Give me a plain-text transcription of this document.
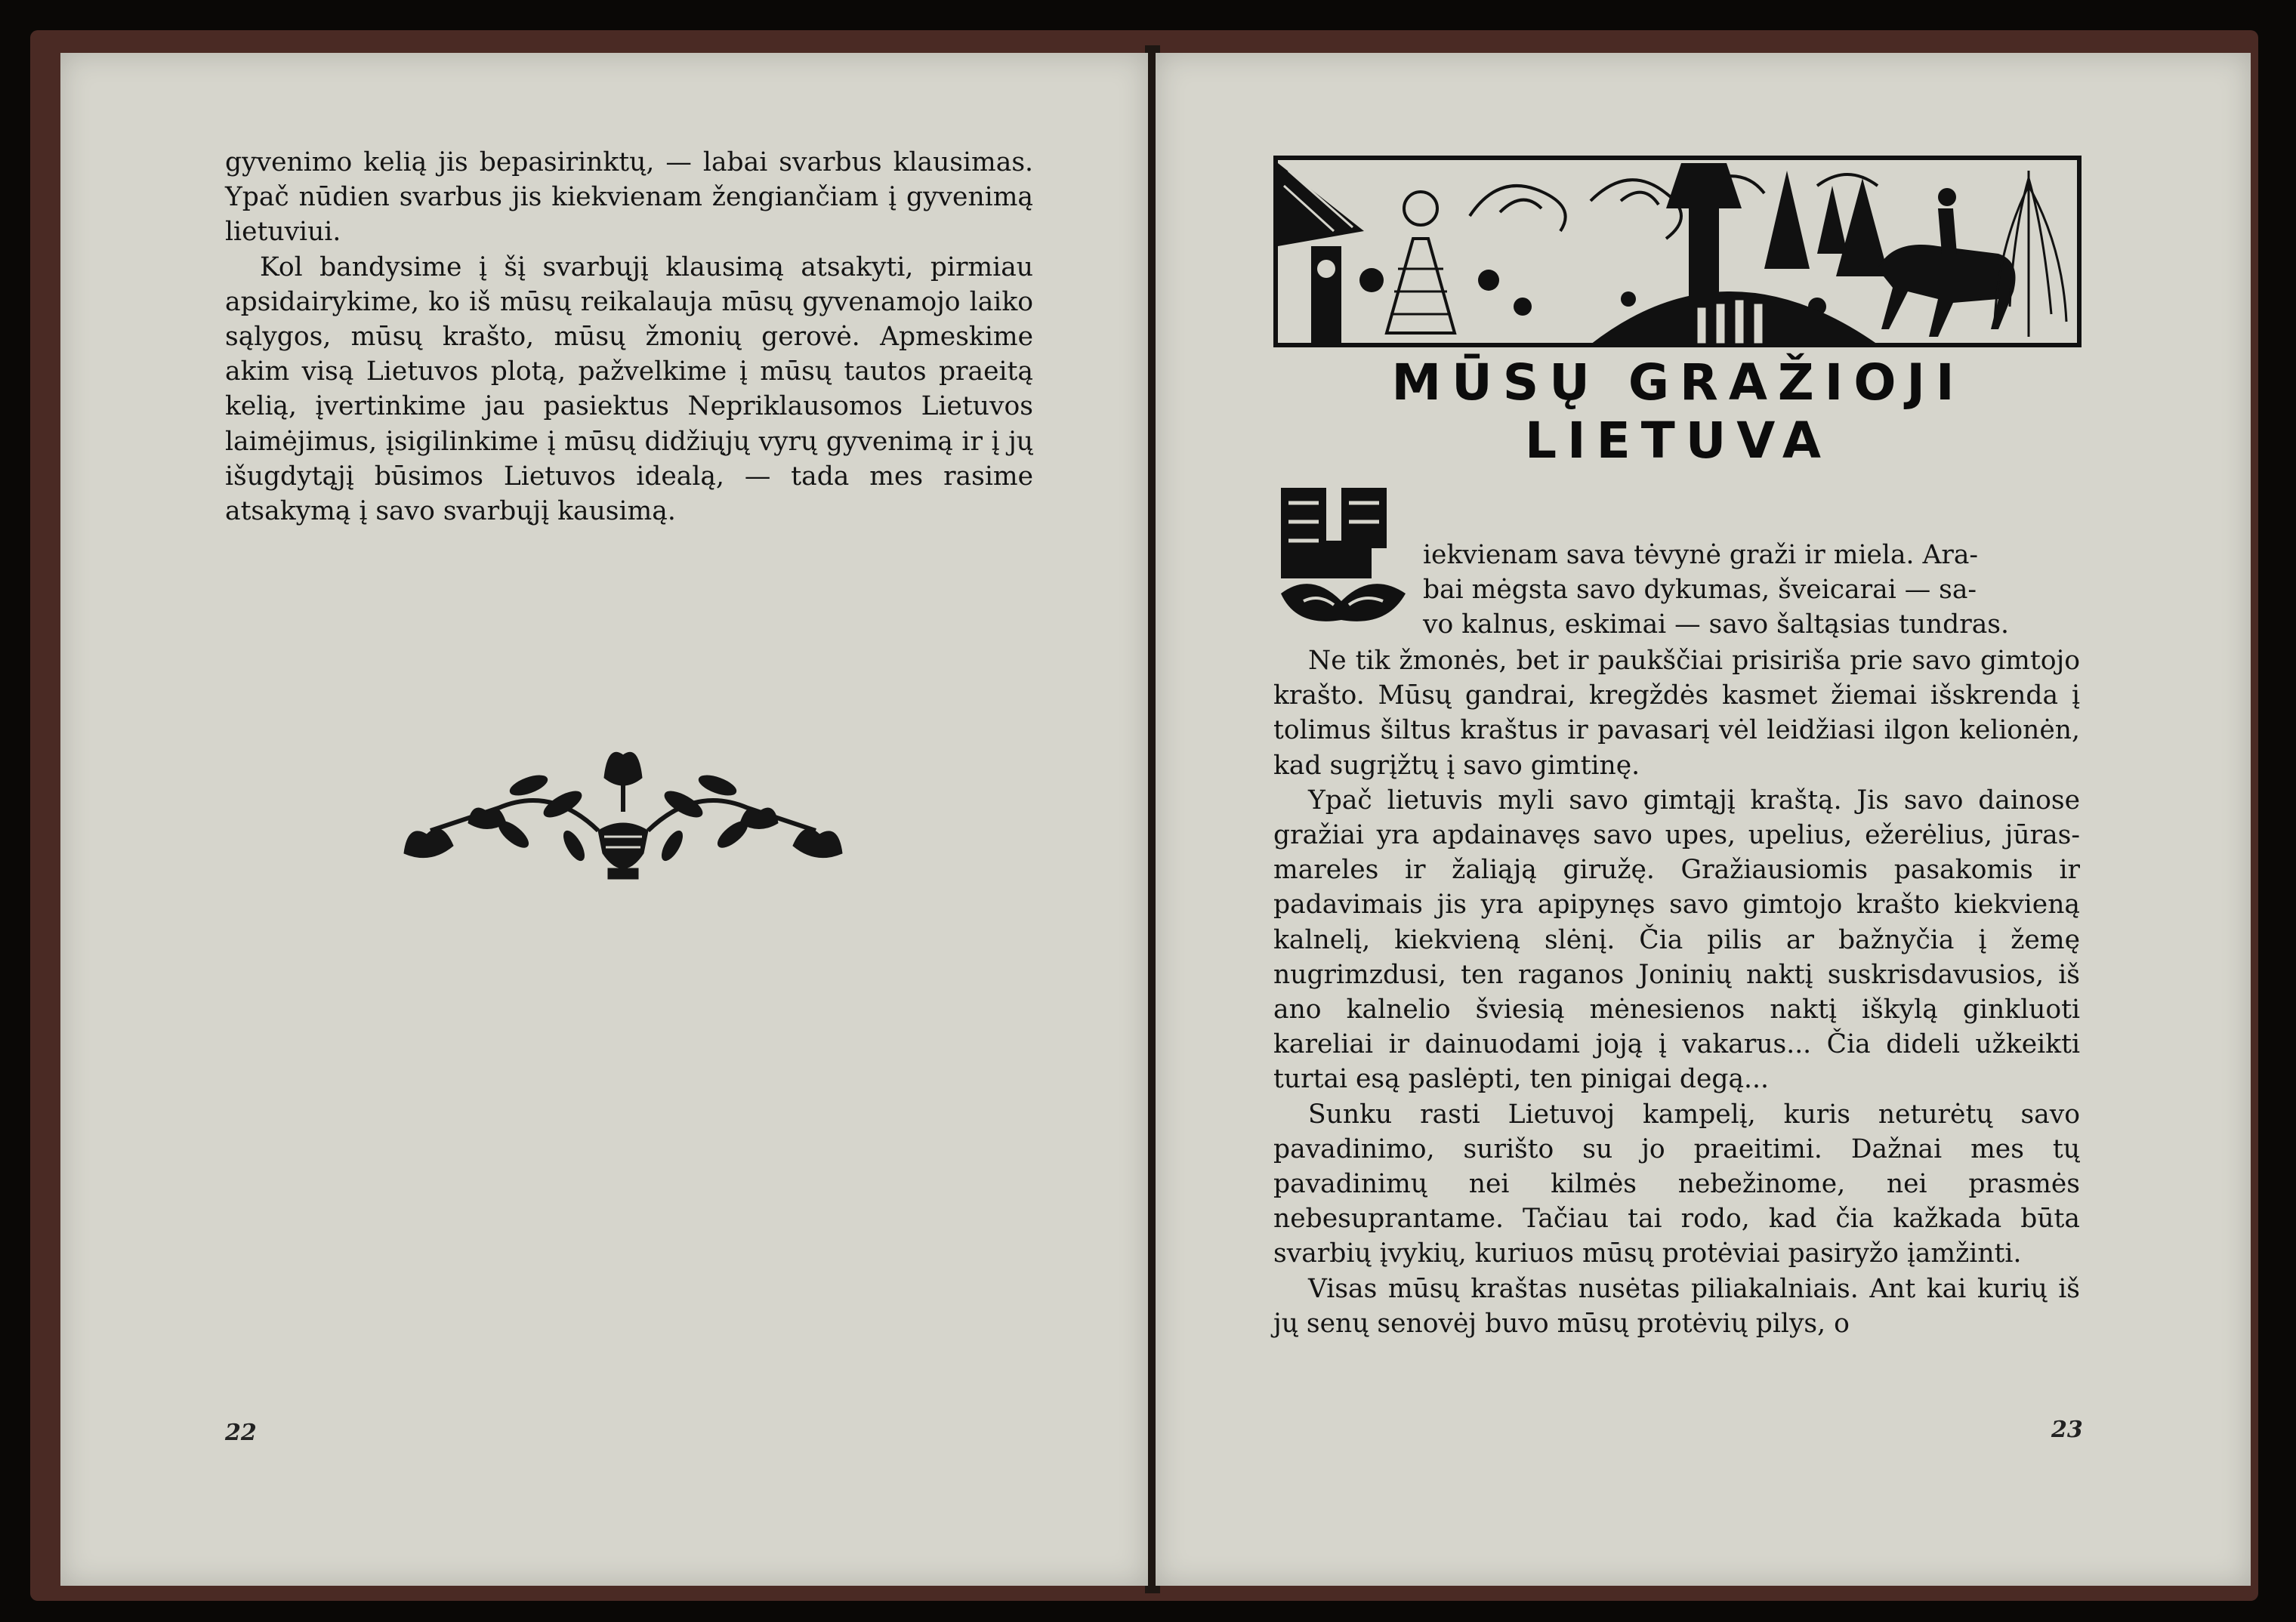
gyvenimo kelią jis bepasirinktų, — labai svarbus klausimas. Ypač nūdien svarbus jis kiekvienam žengiančiam į gyvenimą lietuviui.

Kol bandysime į šį svarbųjį klausimą atsakyti, pirmiau apsidairykime, ko iš mūsų reikalauja mūsų gyvenamojo laiko sąlygos, mūsų krašto, mūsų žmonių gerovė. Apmeskime akim visą Lietuvos plotą, pažvelkime į mūsų tautos praeitą kelią, įvertinkime jau pasiektus Nepriklausomos Lietuvos laimėjimus, įsigilinkime į mūsų didžiųjų vyrų gyvenimą ir į jų išugdytąjį būsimos Lietuvos idealą, — tada mes rasime atsakymą į savo svarbųjį kausimą.

22
MŪSŲ GRAŽIOJI LIETUVA
iekvienam sava tėvynė graži ir miela. Ara-
bai mėgsta savo dykumas, šveicarai — sa-
vo kalnus, eskimai — savo šaltąsias tundras.

Ne tik žmonės, bet ir paukščiai prisiriša prie savo gimtojo krašto. Mūsų gandrai, kregždės kasmet žiemai išskrenda į tolimus šiltus kraštus ir pavasarį vėl leidžiasi ilgon kelionėn, kad sugrįžtų į savo gimtinę.

Ypač lietuvis myli savo gimtąjį kraštą. Jis savo dainose gražiai yra apdainavęs savo upes, upelius, ežerėlius, jūras-mareles ir žaliąją giružę. Gražiausiomis pasakomis ir padavimais jis yra apipynęs savo gimtojo krašto kiekvieną kalnelį, kiekvieną slėnį. Čia pilis ar bažnyčia į žemę nugrimzdusi, ten raganos Joninių naktį suskrisdavusios, iš ano kalnelio šviesią mėnesienos naktį iškylą ginkluoti kareliai ir dainuodami joją į vakarus... Čia dideli užkeikti turtai esą paslėpti, ten pinigai degą...

Sunku rasti Lietuvoj kampelį, kuris neturėtų savo pavadinimo, surišto su jo praeitimi. Dažnai mes tų pavadinimų nei kilmės nebežinome, nei prasmės nebesuprantame. Tačiau tai rodo, kad čia kažkada būta svarbių įvykių, kuriuos mūsų protėviai pasiryžo įamžinti.

Visas mūsų kraštas nusėtas piliakalniais. Ant kai kurių iš jų senų senovėj buvo mūsų protėvių pilys, o

23
